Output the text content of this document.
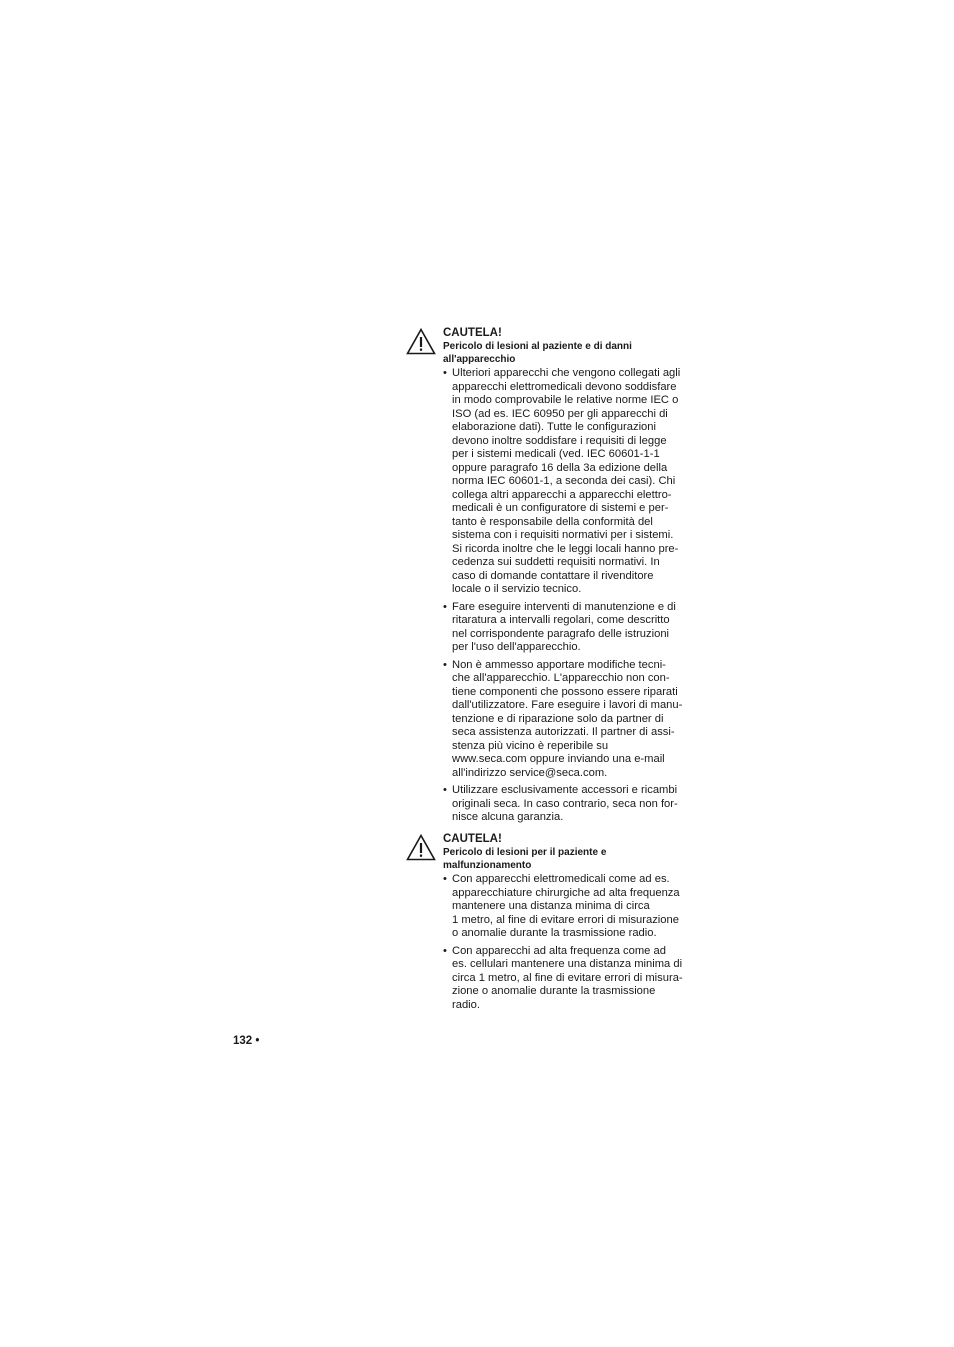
CAUTELA!
Pericolo di lesioni al paziente e di danni
all'apparecchio
• Ulteriori apparecchi che vengono collegati agli
apparecchi elettromedicali devono soddisfare
in modo comprovabile le relative norme IEC o
ISO (ad es. IEC 60950 per gli apparecchi di
elaborazione dati). Tutte le configurazioni
devono inoltre soddisfare i requisiti di legge
per i sistemi medicali (ved. IEC 60601-1-1
oppure paragrafo 16 della 3a edizione della
norma IEC 60601-1, a seconda dei casi). Chi
collega altri apparecchi a apparecchi elettro-
medicali è un configuratore di sistemi e per-
tanto è responsabile della conformità del
sistema con i requisiti normativi per i sistemi.
Si ricorda inoltre che le leggi locali hanno pre-
cedenza sui suddetti requisiti normativi. In
caso di domande contattare il rivenditore
locale o il servizio tecnico.
• Fare eseguire interventi di manutenzione e di
ritaratura a intervalli regolari, come descritto
nel corrispondente paragrafo delle istruzioni
per l'uso dell'apparecchio.
• Non è ammesso apportare modifiche tecni-
che all'apparecchio. L'apparecchio non con-
tiene componenti che possono essere riparati
dall'utilizzatore. Fare eseguire i lavori di manu-
tenzione e di riparazione solo da partner di
seca assistenza autorizzati. Il partner di assi-
stenza più vicino è reperibile su
www.seca.com oppure inviando una e-mail
all'indirizzo service@seca.com.
• Utilizzare esclusivamente accessori e ricambi
originali seca. In caso contrario, seca non for-
nisce alcuna garanzia.
CAUTELA!
Pericolo di lesioni per il paziente e
malfunzionamento
• Con apparecchi elettromedicali come ad es.
apparecchiature chirurgiche ad alta frequenza
mantenere una distanza minima di circa
1 metro, al fine di evitare errori di misurazione
o anomalie durante la trasmissione radio.
• Con apparecchi ad alta frequenza come ad
es. cellulari mantenere una distanza minima di
circa 1 metro, al fine di evitare errori di misura-
zione o anomalie durante la trasmissione
radio.
132 •
